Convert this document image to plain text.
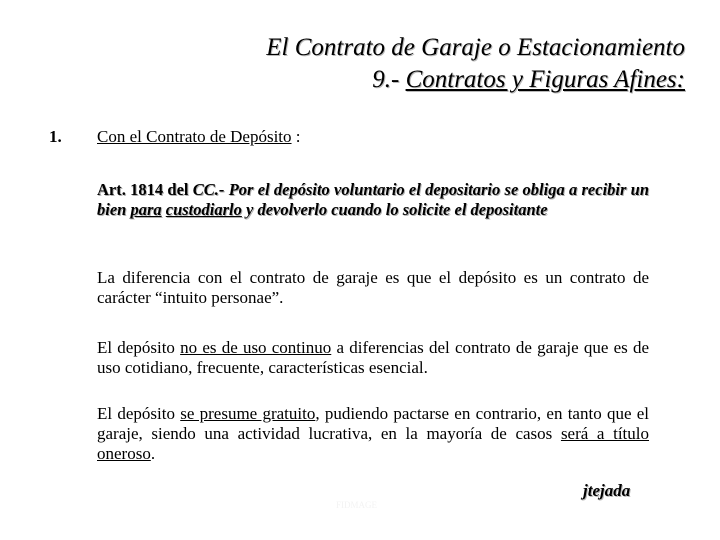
El Contrato de Garaje o Estacionamiento
9.- Contratos y Figuras Afines:
1. Con el Contrato de Depósito :
Art. 1814 del CC.- Por el depósito voluntario el depositario se obliga a recibir un bien para custodiarlo y devolverlo cuando lo solicite el depositante
La diferencia con el contrato de garaje es que el depósito es un contrato de carácter “intuito personae”.
El depósito no es de uso continuo a diferencias del contrato de garaje que es de uso cotidiano, frecuente, características esencial.
El depósito se presume gratuito, pudiendo pactarse en contrario, en tanto que el garaje, siendo una actividad lucrativa, en la mayoría de casos será a título oneroso.
FIDMAGE
jtejada
